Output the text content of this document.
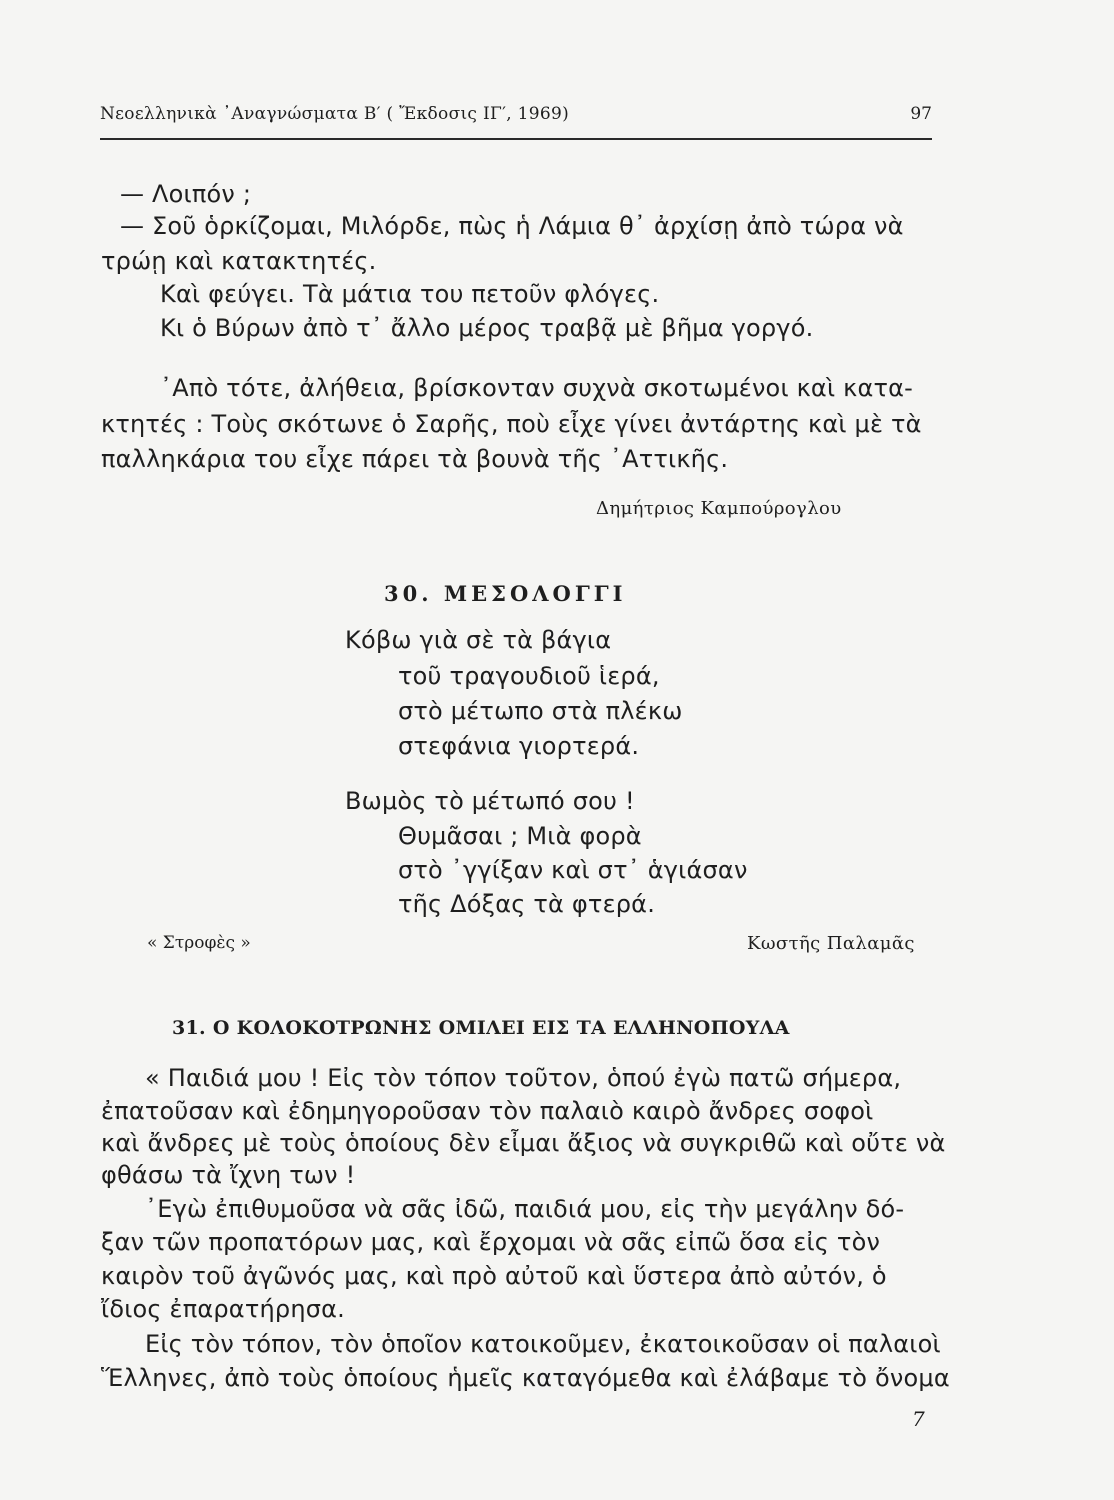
Νεοελληνικὰ ᾿Αναγνώσματα Β′ ( Ἔκδοσις ΙΓ′, 1969)	97
— Λοιπόν ;
— Σοῦ ὁρκίζομαι, Μιλόρδε, πὼς ἡ Λάμια θ᾿ ἀρχίσῃ ἀπὸ τώρα νὰ
τρώῃ καὶ κατακτητές.
Καὶ φεύγει. Τὰ μάτια του πετοῦν φλόγες.
Κι ὁ Βύρων ἀπὸ τ᾿ ἄλλο μέρος τραβᾷ μὲ βῆμα γοργό.
᾿Απὸ τότε, ἀλήθεια, βρίσκονταν συχνὰ σκοτωμένοι καὶ κατα-
κτητές : Τοὺς σκότωνε ὁ Σαρῆς, ποὺ εἶχε γίνει ἀντάρτης καὶ μὲ τὰ
παλληκάρια του εἶχε πάρει τὰ βουνὰ τῆς ᾿Αττικῆς.
Δημήτριος Καμπούρογλου
30. ΜΕΣΟΛΟΓΓΙ
Κόβω γιὰ σὲ τὰ βάγια
τοῦ τραγουδιοῦ ἱερά,
στὸ μέτωπο στὰ πλέκω
στεφάνια γιορτερά.
Βωμὸς τὸ μέτωπό σου !
Θυμᾶσαι ; Μιὰ φορὰ
στὸ ᾿γγίξαν καὶ στ᾿ ἁγιάσαν
τῆς Δόξας τὰ φτερά.
« Στροφὲς »	Κωστῆς Παλαμᾶς
31. Ο ΚΟΛΟΚΟΤΡΩΝΗΣ ΟΜΙΛΕΙ ΕΙΣ ΤΑ ΕΛΛΗΝΟΠΟΥΛΑ
« Παιδιά μου ! Εἰς τὸν τόπον τοῦτον, ὁπού ἐγὼ πατῶ σήμερα,
ἐπατοῦσαν καὶ ἐδημηγοροῦσαν τὸν παλαιὸ καιρὸ ἄνδρες σοφοὶ
καὶ ἄνδρες μὲ τοὺς ὁποίους δὲν εἶμαι ἄξιος νὰ συγκριθῶ καὶ οὔτε νὰ
φθάσω τὰ ἴχνη των !
᾿Εγὼ ἐπιθυμοῦσα νὰ σᾶς ἰδῶ, παιδιά μου, εἰς τὴν μεγάλην δό-
ξαν τῶν προπατόρων μας, καὶ ἔρχομαι νὰ σᾶς εἰπῶ ὅσα εἰς τὸν
καιρὸν τοῦ ἀγῶνός μας, καὶ πρὸ αὐτοῦ καὶ ὕστερα ἀπὸ αὐτόν, ὁ
ἴδιος ἐπαρατήρησα.
Εἰς τὸν τόπον, τὸν ὁποῖον κατοικοῦμεν, ἐκατοικοῦσαν οἱ παλαιοὶ
Ἕλληνες, ἀπὸ τοὺς ὁποίους ἡμεῖς καταγόμεθα καὶ ἐλάβαμε τὸ ὄνομα
7
